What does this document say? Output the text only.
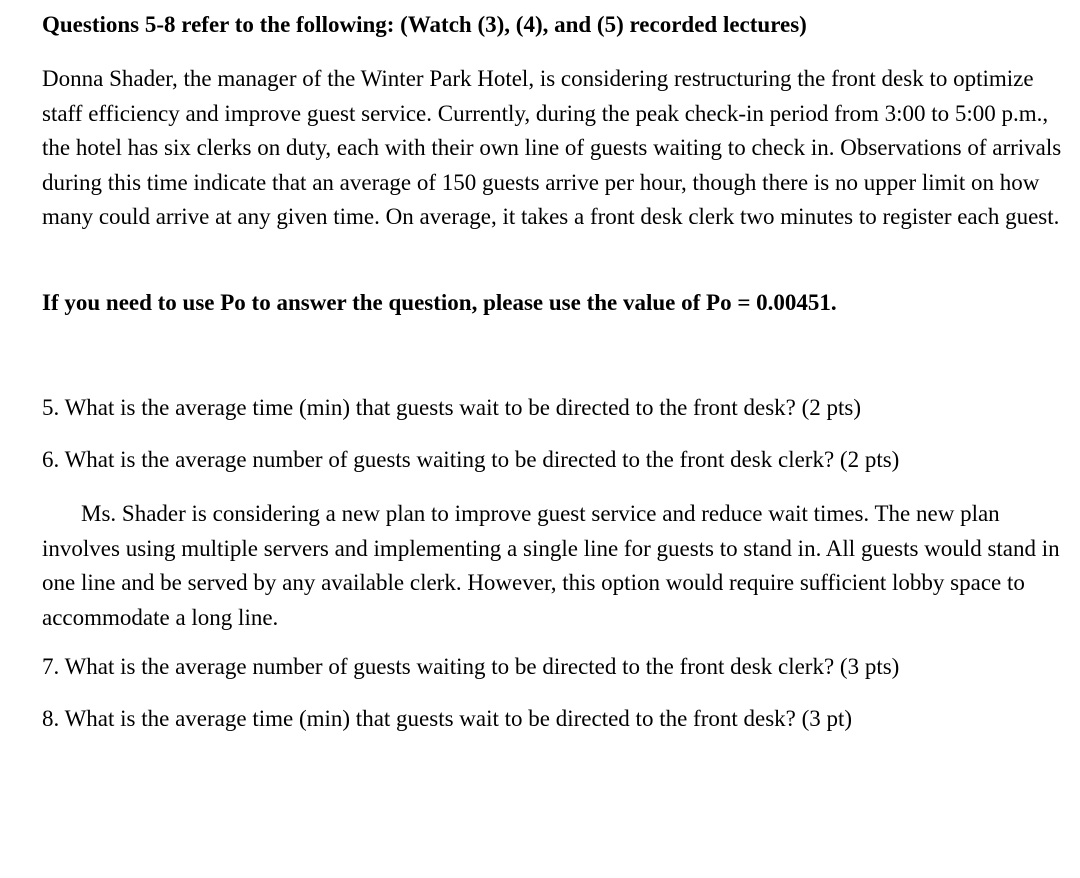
Questions 5-8 refer to the following: (Watch (3), (4), and (5) recorded lectures)
Donna Shader, the manager of the Winter Park Hotel, is considering restructuring the front desk to optimize staff efficiency and improve guest service. Currently, during the peak check-in period from 3:00 to 5:00 p.m., the hotel has six clerks on duty, each with their own line of guests waiting to check in. Observations of arrivals during this time indicate that an average of 150 guests arrive per hour, though there is no upper limit on how many could arrive at any given time. On average, it takes a front desk clerk two minutes to register each guest.
If you need to use Po to answer the question, please use the value of Po = 0.00451.
5. What is the average time (min) that guests wait to be directed to the front desk? (2 pts)
6. What is the average number of guests waiting to be directed to the front desk clerk? (2 pts)
Ms. Shader is considering a new plan to improve guest service and reduce wait times. The new plan involves using multiple servers and implementing a single line for guests to stand in. All guests would stand in one line and be served by any available clerk. However, this option would require sufficient lobby space to accommodate a long line.
7. What is the average number of guests waiting to be directed to the front desk clerk? (3 pts)
8. What is the average time (min) that guests wait to be directed to the front desk? (3 pt)
